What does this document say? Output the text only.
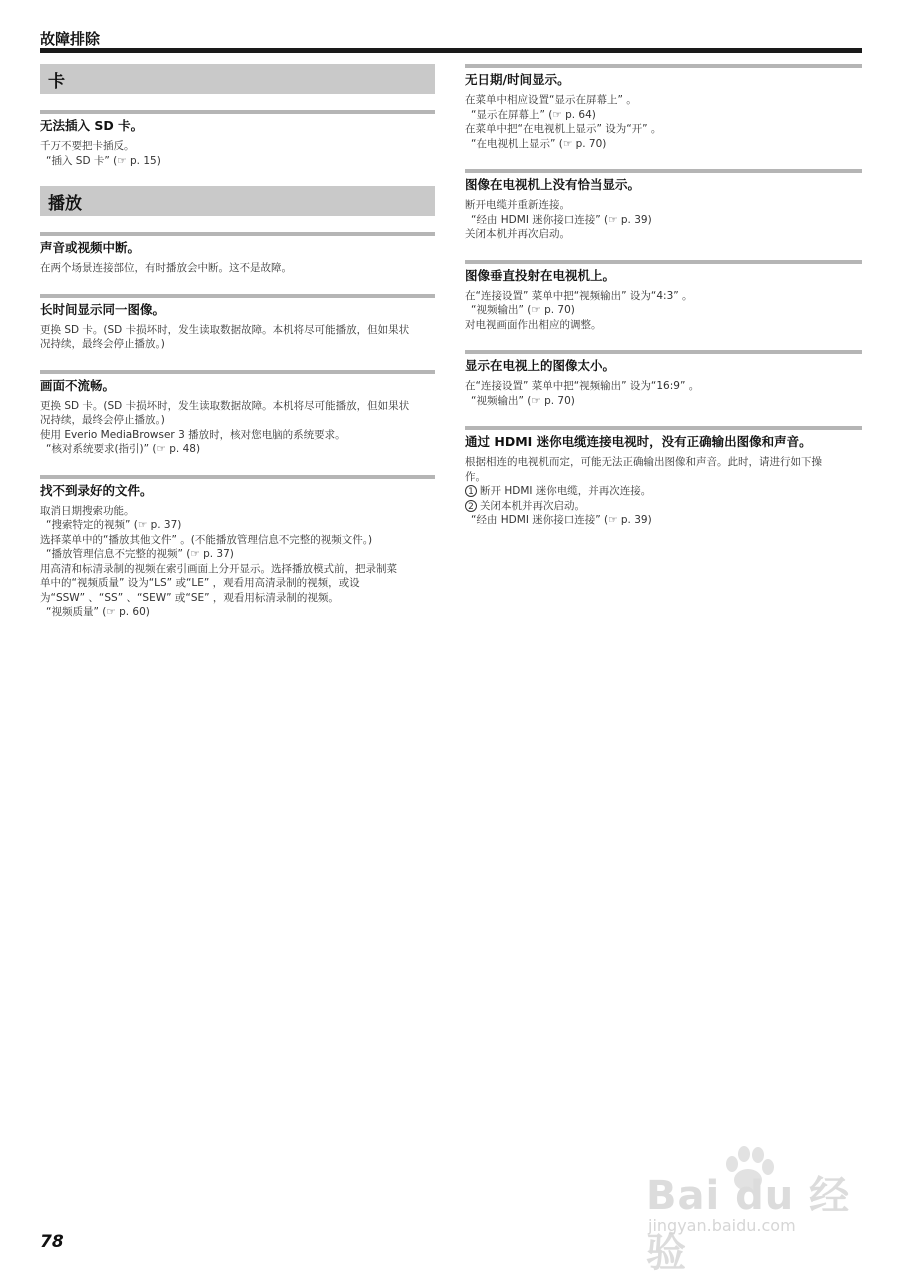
故障排除
卡
无法插入 SD 卡。
千万不要把卡插反。
“插入 SD 卡” (☞ p. 15)
播放
声音或视频中断。
在两个场景连接部位，有时播放会中断。这不是故障。
长时间显示同一图像。
更换 SD 卡。(SD 卡损坏时，发生读取数据故障。本机将尽可能播放，但如果状
况持续，最终会停止播放。)
画面不流畅。
更换 SD 卡。(SD 卡损坏时，发生读取数据故障。本机将尽可能播放，但如果状
况持续，最终会停止播放。)
使用 Everio MediaBrowser 3 播放时，核对您电脑的系统要求。
“核对系统要求(指引)” (☞ p. 48)
找不到录好的文件。
取消日期搜索功能。
“搜索特定的视频” (☞ p. 37)
选择菜单中的“播放其他文件” 。(不能播放管理信息不完整的视频文件。)
“播放管理信息不完整的视频” (☞ p. 37)
用高清和标清录制的视频在索引画面上分开显示。选择播放模式前，把录制菜
单中的“视频质量” 设为“LS” 或“LE” ，观看用高清录制的视频，或设
为“SSW” 、“SS” 、“SEW” 或“SE” ，观看用标清录制的视频。
“视频质量” (☞ p. 60)
无日期/时间显示。
在菜单中相应设置“显示在屏幕上” 。
“显示在屏幕上” (☞ p. 64)
在菜单中把“在电视机上显示” 设为“开” 。
“在电视机上显示” (☞ p. 70)
图像在电视机上没有恰当显示。
断开电缆并重新连接。
“经由 HDMI 迷你接口连接” (☞ p. 39)
关闭本机并再次启动。
图像垂直投射在电视机上。
在“连接设置” 菜单中把“视频输出” 设为“4:3” 。
“视频输出” (☞ p. 70)
对电视画面作出相应的调整。
显示在电视上的图像太小。
在“连接设置” 菜单中把“视频输出” 设为“16:9” 。
“视频输出” (☞ p. 70)
通过 HDMI 迷你电缆连接电视时，没有正确输出图像和声音。
根据相连的电视机而定，可能无法正确输出图像和声音。此时，请进行如下操
作。
1 断开 HDMI 迷你电缆，并再次连接。
2 关闭本机并再次启动。
“经由 HDMI 迷你接口连接” (☞ p. 39)
78
Bai du 经验
jingyan.baidu.com
